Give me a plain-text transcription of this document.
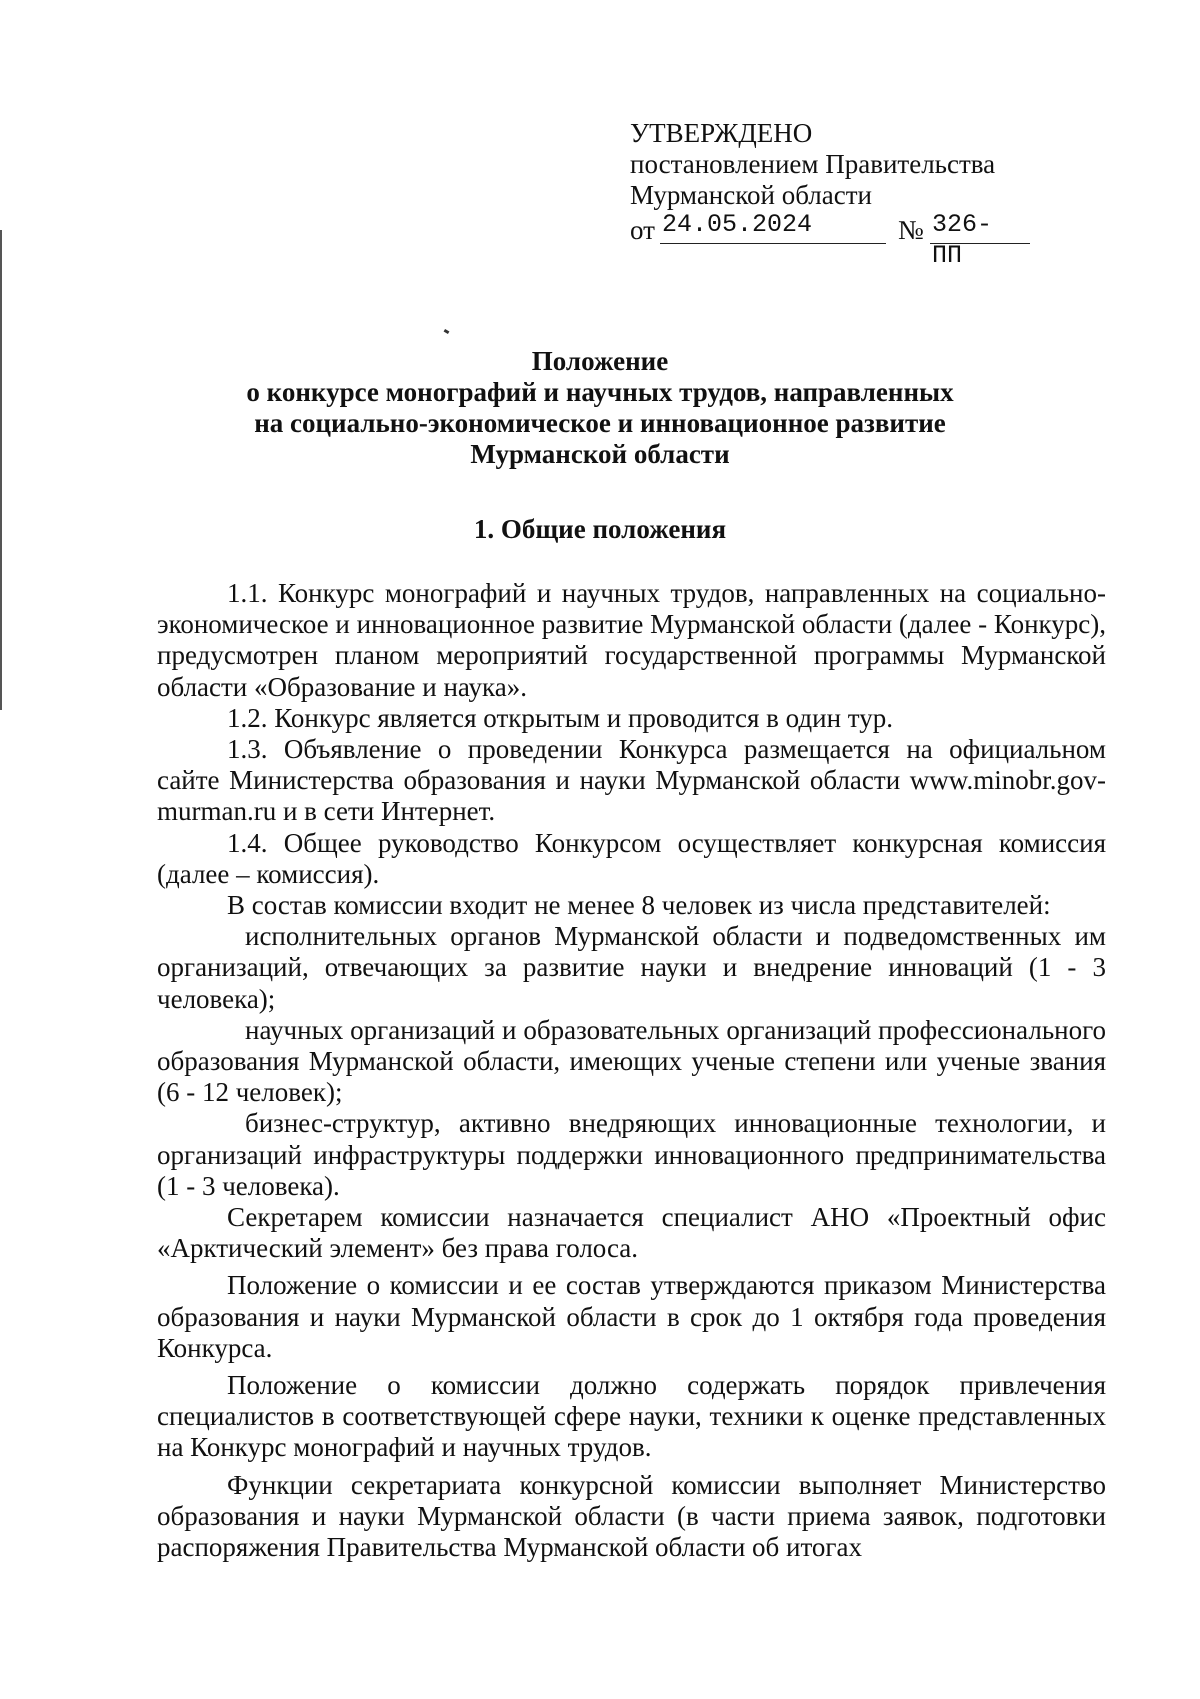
УТВЕРЖДЕНО
постановлением Правительства
Мурманской области
от 24.05.2024	№ 326-ПП
Положение
о конкурсе монографий и научных трудов, направленных
на социально-экономическое и инновационное развитие
Мурманской области
1. Общие положения

1.1. Конкурс монографий и научных трудов, направленных на социально-экономическое и инновационное развитие Мурманской области (далее - Конкурс), предусмотрен планом мероприятий государственной программы Мурманской области «Образование и наука».

1.2. Конкурс является открытым и проводится в один тур.

1.3. Объявление о проведении Конкурса размещается на официальном сайте Министерства образования и науки Мурманской области www.minobr.gov-murman.ru и в сети Интернет.

1.4. Общее руководство Конкурсом осуществляет конкурсная комиссия (далее – комиссия).

В состав комиссии входит не менее 8 человек из числа представителей:

исполнительных органов Мурманской области и подведомственных им организаций, отвечающих за развитие науки и внедрение инноваций (1 - 3 человека);

научных организаций и образовательных организаций профессионального образования Мурманской области, имеющих ученые степени или ученые звания (6 - 12 человек);

бизнес-структур, активно внедряющих инновационные технологии, и организаций инфраструктуры поддержки инновационного предпринимательства (1 - 3 человека).

Секретарем комиссии назначается специалист АНО «Проектный офис «Арктический элемент» без права голоса.

Положение о комиссии и ее состав утверждаются приказом Министерства образования и науки Мурманской области в срок до 1 октября года проведения Конкурса.

Положение о комиссии должно содержать порядок привлечения специалистов в соответствующей сфере науки, техники к оценке представленных на Конкурс монографий и научных трудов.

Функции секретариата конкурсной комиссии выполняет Министерство образования и науки Мурманской области (в части приема заявок, подготовки распоряжения Правительства Мурманской области об итогах
